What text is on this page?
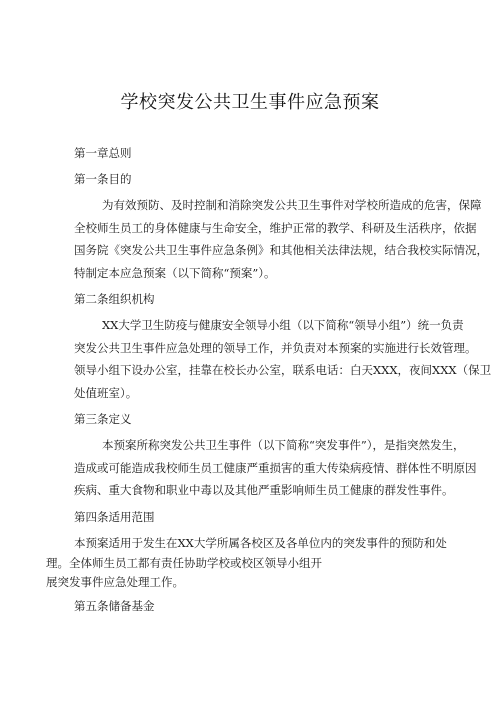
学校突发公共卫生事件应急预案
第一章总则
第一条目的
为有效预防、及时控制和消除突发公共卫生事件对学校所造成的危害，保障
全校师生员工的身体健康与生命安全，维护正常的教学、科研及生活秩序，依据
国务院《突发公共卫生事件应急条例》和其他相关法律法规，结合我校实际情况，
特制定本应急预案（以下简称“预案”）。
第二条组织机构
XX大学卫生防疫与健康安全领导小组（以下简称“领导小组”）统一负责
突发公共卫生事件应急处理的领导工作，并负责对本预案的实施进行长效管理。
领导小组下设办公室，挂靠在校长办公室，联系电话：白天XXX，夜间XXX（保卫
处值班室）。
第三条定义
本预案所称突发公共卫生事件（以下简称“突发事件”），是指突然发生，
造成或可能造成我校师生员工健康严重损害的重大传染病疫情、群体性不明原因
疾病、重大食物和职业中毒以及其他严重影响师生员工健康的群发性事件。
第四条适用范围
本预案适用于发生在XX大学所属各校区及各单位内的突发事件的预防和处
理。全体师生员工都有责任协助学校或校区领导小组开
展突发事件应急处理工作。
第五条储备基金
